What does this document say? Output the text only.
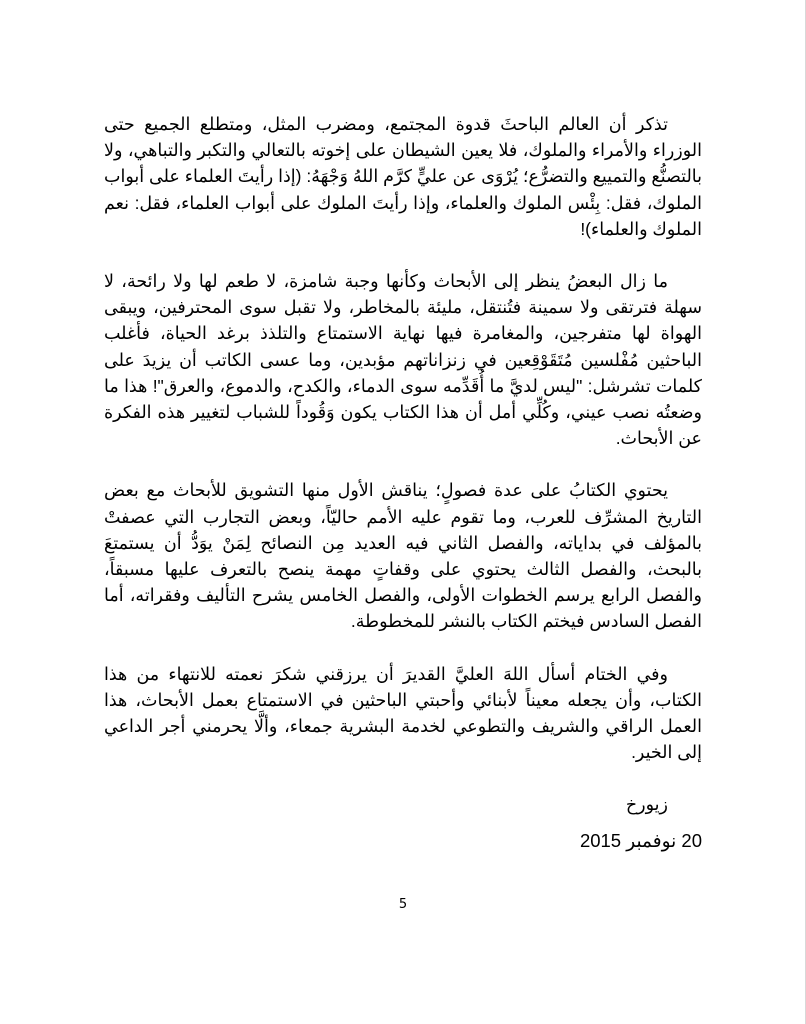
تذكر أن العالم الباحثَ قدوة المجتمع، ومضرب المثل، ومتطلع الجميع حتى الوزراء والأمراء والملوك، فلا يعين الشيطان على إخوته بالتعالي والتكبر والتباهي، ولا بالتصنُّع والتمييع والتضرُّع؛ يُرْوَى عن عليٍّ كرَّم اللهُ وَجْهَهُ: (إذا رأيتَ العلماء على أبواب الملوك، فقل: بِئْس الملوك والعلماء، وإذا رأيتَ الملوك على أبواب العلماء، فقل: نعم الملوك والعلماء)!

ما زال البعضُ ينظر إلى الأبحاث وكأنها وجبة شامزة، لا طعم لها ولا رائحة، لا سهلة فترتقى ولا سمينة فتُنتقل، مليئة بالمخاطر، ولا تقبل سوى المحترفين، ويبقى الهواة لها متفرجين، والمغامرة فيها نهاية الاستمتاع والتلذذ برغد الحياة، فأغلب الباحثين مُفْلسين مُتَقَوْقِعين في زنزاناتهم مؤبدين، وما عسى الكاتب أن يزيدَ على كلمات تشرشل: "ليس لديَّ ما أُقَدِّمه سوى الدماء، والكدح، والدموع، والعرق"! هذا ما وضعتُه نصب عيني، وكُلِّي أمل أن هذا الكتاب يكون وَقُوداً للشباب لتغيير هذه الفكرة عن الأبحاث.

يحتوي الكتابُ على عدة فصولٍ؛ يناقش الأول منها التشويق للأبحاث مع بعض التاريخ المشرِّف للعرب، وما تقوم عليه الأمم حاليّاً، وبعض التجارب التي عصفتْ بالمؤلف في بداياته، والفصل الثاني فيه العديد مِن النصائح لِمَنْ يوَدُّ أن يستمتعَ بالبحث، والفصل الثالث يحتوي على وقفاتٍ مهمة ينصح بالتعرف عليها مسبقاً، والفصل الرابع يرسم الخطوات الأولى، والفصل الخامس يشرح التأليف وفقراته، أما الفصل السادس فيختم الكتاب بالنشر للمخطوطة.

وفي الختام أسأل اللهَ العليَّ القديرَ أن يرزقني شكرَ نعمته للانتهاء من هذا الكتاب، وأن يجعله معيناً لأبنائي وأحبتي الباحثين في الاستمتاع بعمل الأبحاث، هذا العمل الراقي والشريف والتطوعي لخدمة البشرية جمعاء، وألَّا يحرمني أجر الداعي إلى الخير.

زيورخ

20 نوفمبر 2015

5
